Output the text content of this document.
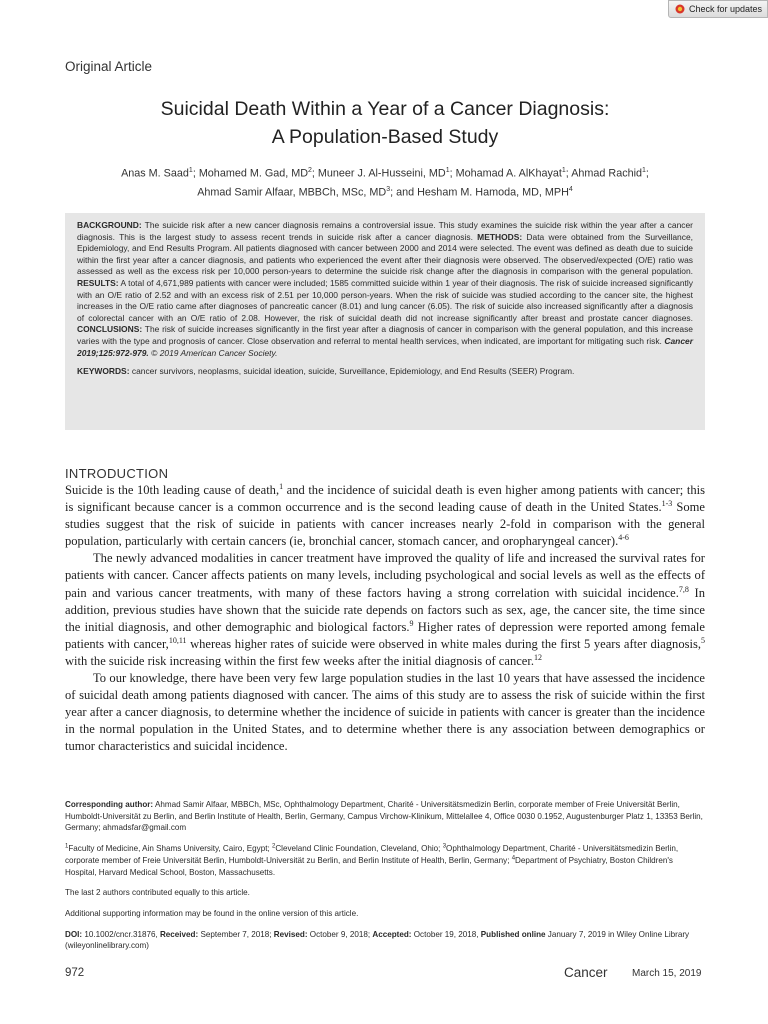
Check for updates
Original Article
Suicidal Death Within a Year of a Cancer Diagnosis:
A Population-Based Study
Anas M. Saad$^1$; Mohamed M. Gad, $MD^2$; Muneer J. Al-Husseini, $MD^1$; Mohamad A. AlKhayat$^1$; Ahmad Rachid$^1$;
Ahmad Samir Alfaar, MBBCh, MSc, $MD^3$; and Hesham M. Hamoda, MD, MPH$^4$
BACKGROUND: The suicide risk after a new cancer diagnosis remains a controversial issue. This study examines the suicide risk within the year after a cancer diagnosis. This is the largest study to assess recent trends in suicide risk after a cancer diagnosis. METHODS: Data were obtained from the Surveillance, Epidemiology, and End Results Program. All patients diagnosed with cancer between 2000 and 2014 were selected. The event was defined as death due to suicide within the first year after a cancer diagnosis, and patients who experienced the event after their diagnosis were observed. The observed/expected (O/E) ratio was assessed as well as the excess risk per 10,000 person-years to determine the suicide risk change after the diagnosis in comparison with the general population. RESULTS: A total of 4,671,989 patients with cancer were included; 1585 committed suicide within 1 year of their diagnosis. The risk of suicide increased significantly with an O/E ratio of 2.52 and with an excess risk of 2.51 per 10,000 person-years. When the risk of suicide was studied according to the cancer site, the highest increases in the O/E ratio came after diagnoses of pancreatic cancer (8.01) and lung cancer (6.05). The risk of suicide also increased significantly after a diagnosis of colorectal cancer with an O/E ratio of 2.08. However, the risk of suicidal death did not increase significantly after breast and prostate cancer diagnoses. CONCLUSIONS: The risk of suicide increases significantly in the first year after a diagnosis of cancer in comparison with the general population, and this increase varies with the type and prognosis of cancer. Close observation and referral to mental health services, when indicated, are important for mitigating such risk. Cancer 2019;125:972-979. © 2019 American Cancer Society.
KEYWORDS: cancer survivors, neoplasms, suicidal ideation, suicide, Surveillance, Epidemiology, and End Results (SEER) Program.
INTRODUCTION

Suicide is the 10th leading cause of death,$^1$ and the incidence of suicidal death is even higher among patients with cancer; this is significant because cancer is a common occurrence and is the second leading cause of death in the United States.$^{1-3}$ Some studies suggest that the risk of suicide in patients with cancer increases nearly 2-fold in comparison with the general population, particularly with certain cancers (ie, bronchial cancer, stomach cancer, and oropharyngeal cancer).$^{4-6}$

The newly advanced modalities in cancer treatment have improved the quality of life and increased the survival rates for patients with cancer. Cancer affects patients on many levels, including psychological and social levels as well as the effects of pain and various cancer treatments, with many of these factors having a strong correlation with suicidal incidence.$^{7,8}$ In addition, previous studies have shown that the suicide rate depends on factors such as sex, age, the cancer site, the time since the initial diagnosis, and other demographic and biological factors.$^9$ Higher rates of depression were reported among female patients with cancer,$^{10,11}$ whereas higher rates of suicide were observed in white males during the first 5 years after diagnosis,$^5$ with the suicide risk increasing within the first few weeks after the initial diagnosis of cancer.$^{12}$

To our knowledge, there have been very few large population studies in the last 10 years that have assessed the incidence of suicidal death among patients diagnosed with cancer. The aims of this study are to assess the risk of suicide within the first year after a cancer diagnosis, to determine whether the incidence of suicide in patients with cancer is greater than the incidence in the normal population in the United States, and to determine whether there is any association between demographics or tumor characteristics and suicidal incidence.

Corresponding author: Ahmad Samir Alfaar, MBBCh, MSc, Ophthalmology Department, Charité - Universitätsmedizin Berlin, corporate member of Freie Universität Berlin, Humboldt-Universität zu Berlin, and Berlin Institute of Health, Berlin, Germany, Campus Virchow-Klinikum, Mittelallee 4, Office 0030 0.1952, Augustenburger Platz 1, 13353 Berlin, Germany; ahmadsfar@gmail.com

$^1$Faculty of Medicine, Ain Shams University, Cairo, Egypt; $^2$Cleveland Clinic Foundation, Cleveland, Ohio; $^3$Ophthalmology Department, Charité - Universitätsmedizin Berlin, corporate member of Freie Universität Berlin, Humboldt-Universität zu Berlin, and Berlin Institute of Health, Berlin, Germany; $^4$Department of Psychiatry, Boston Children's Hospital, Harvard Medical School, Boston, Massachusetts.

The last 2 authors contributed equally to this article.

Additional supporting information may be found in the online version of this article.

DOI: 10.1002/cncr.31876, Received: September 7, 2018; Revised: October 9, 2018; Accepted: October 19, 2018, Published online January 7, 2019 in Wiley Online Library (wileyonlinelibrary.com)

972	Cancer March 15, 2019
